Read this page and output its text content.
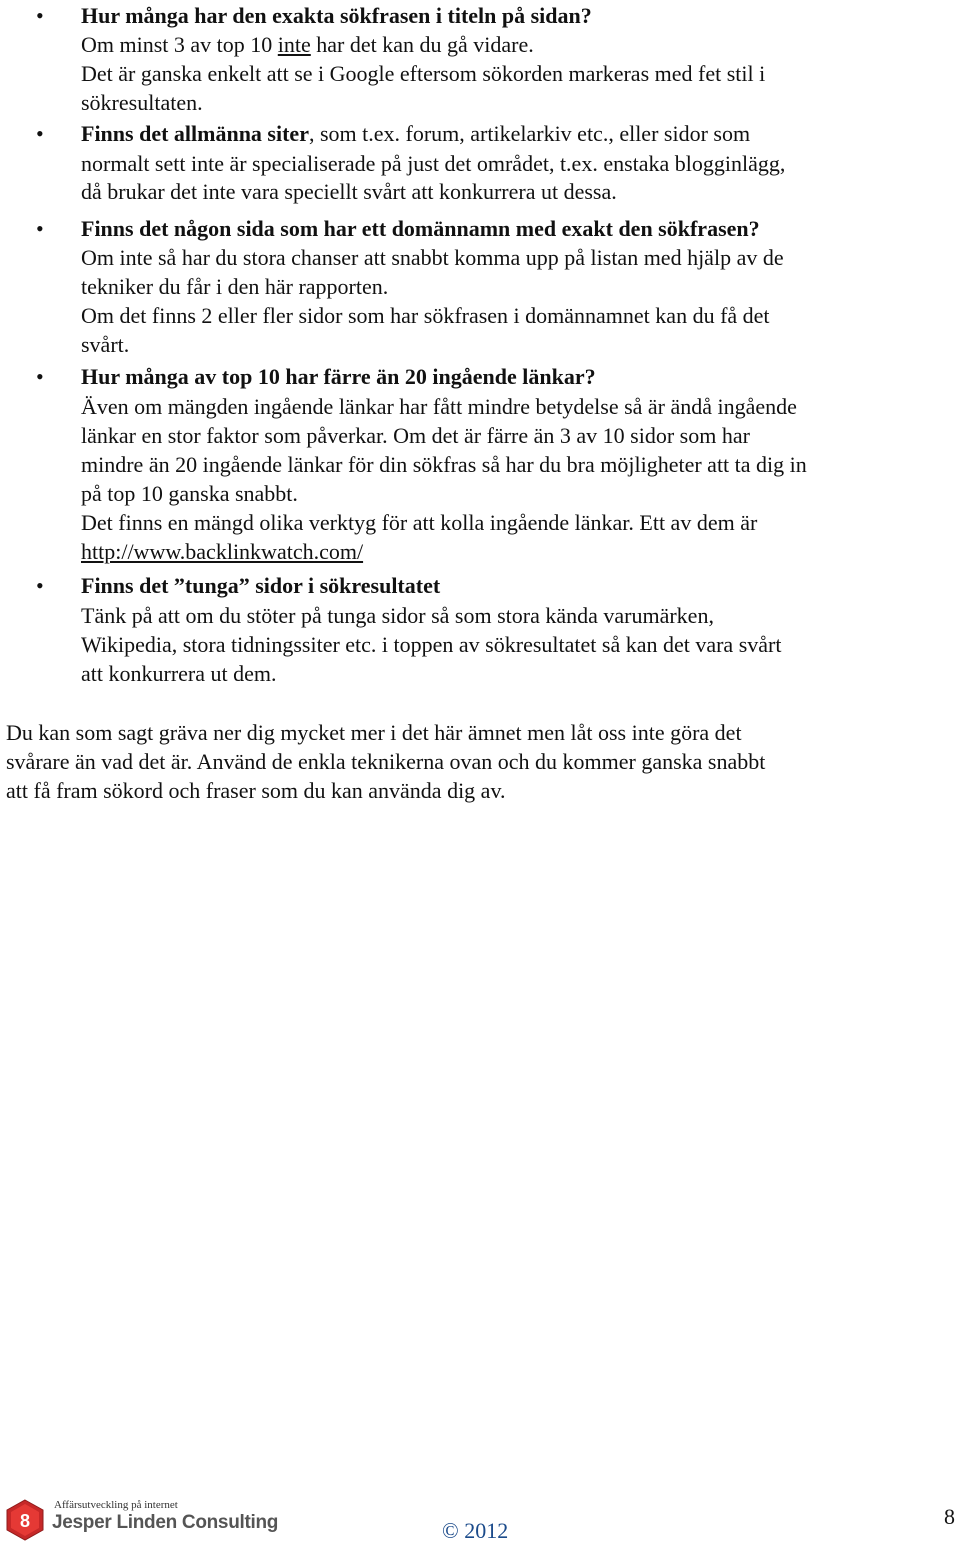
• Hur många har den exakta sökfrasen i titeln på sidan?
Om minst 3 av top 10 inte har det kan du gå vidare.
Det är ganska enkelt att se i Google eftersom sökorden markeras med fet stil i
sökresultaten.
• Finns det allmänna siter, som t.ex. forum, artikelarkiv etc., eller sidor som
normalt sett inte är specialiserade på just det området, t.ex. enstaka blogginlägg,
då brukar det inte vara speciellt svårt att konkurrera ut dessa.
• Finns det någon sida som har ett domännamn med exakt den sökfrasen?
Om inte så har du stora chanser att snabbt komma upp på listan med hjälp av de
tekniker du får i den här rapporten.
Om det finns 2 eller fler sidor som har sökfrasen i domännamnet kan du få det
svårt.
• Hur många av top 10 har färre än 20 ingående länkar?
Även om mängden ingående länkar har fått mindre betydelse så är ändå ingående
länkar en stor faktor som påverkar. Om det är färre än 3 av 10 sidor som har
mindre än 20 ingående länkar för din sökfras så har du bra möjligheter att ta dig in
på top 10 ganska snabbt.
Det finns en mängd olika verktyg för att kolla ingående länkar. Ett av dem är
http://www.backlinkwatch.com/
• Finns det ”tunga” sidor i sökresultatet
Tänk på att om du stöter på tunga sidor så som stora kända varumärken,
Wikipedia, stora tidningssiter etc. i toppen av sökresultatet så kan det vara svårt
att konkurrera ut dem.
Du kan som sagt gräva ner dig mycket mer i det här ämnet men låt oss inte göra det
svårare än vad det är. Använd de enkla teknikerna ovan och du kommer ganska snabbt
att få fram sökord och fraser som du kan använda dig av.
8
Affärsutveckling på internet
Jesper Linden Consulting	© 2012
8
